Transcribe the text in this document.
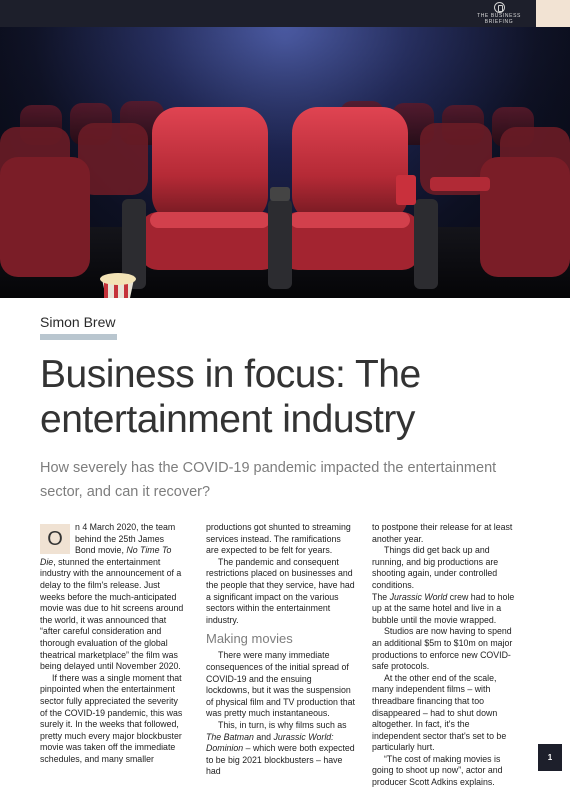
THE BUSINESS
BRIEFING
Simon Brew
Business in focus: The entertainment industry
How severely has the COVID-19 pandemic impacted the entertainment sector, and can it recover?

O
n 4 March 2020, the team behind the 25th James Bond movie, No Time To Die, stunned the entertainment industry with the announcement of a delay to the film's release. Just weeks before the much-anticipated movie was due to hit screens around the world, it was announced that “after careful consideration and thorough evaluation of the global theatrical marketplace” the film was being delayed until November 2020.

If there was a single moment that pinpointed when the entertainment sector fully appreciated the severity of the COVID-19 pandemic, this was surely it. In the weeks that followed, pretty much every major blockbuster movie was taken off the immediate schedules, and many smaller

productions got shunted to streaming services instead. The ramifications are expected to be felt for years.

The pandemic and consequent restrictions placed on businesses and the people that they service, have had a significant impact on the various sectors within the entertainment industry.

Making movies

There were many immediate consequences of the initial spread of COVID-19 and the ensuing lockdowns, but it was the suspension of physical film and TV production that was pretty much instantaneous.

This, in turn, is why films such as The Batman and Jurassic World: Dominion – which were both expected to be big 2021 blockbusters – have had

to postpone their release for at least another year.

Things did get back up and running, and big productions are shooting again, under controlled conditions.

The Jurassic World crew had to hole up at the same hotel and live in a bubble until the movie wrapped.

Studios are now having to spend an additional $5m to $10m on major productions to enforce new COVID-safe protocols.

At the other end of the scale, many independent films – with threadbare financing that too disappeared – had to shut down altogether. In fact, it's the independent sector that's set to be particularly hurt.

“The cost of making movies is going to shoot up now”, actor and producer Scott Adkins explains.

1
